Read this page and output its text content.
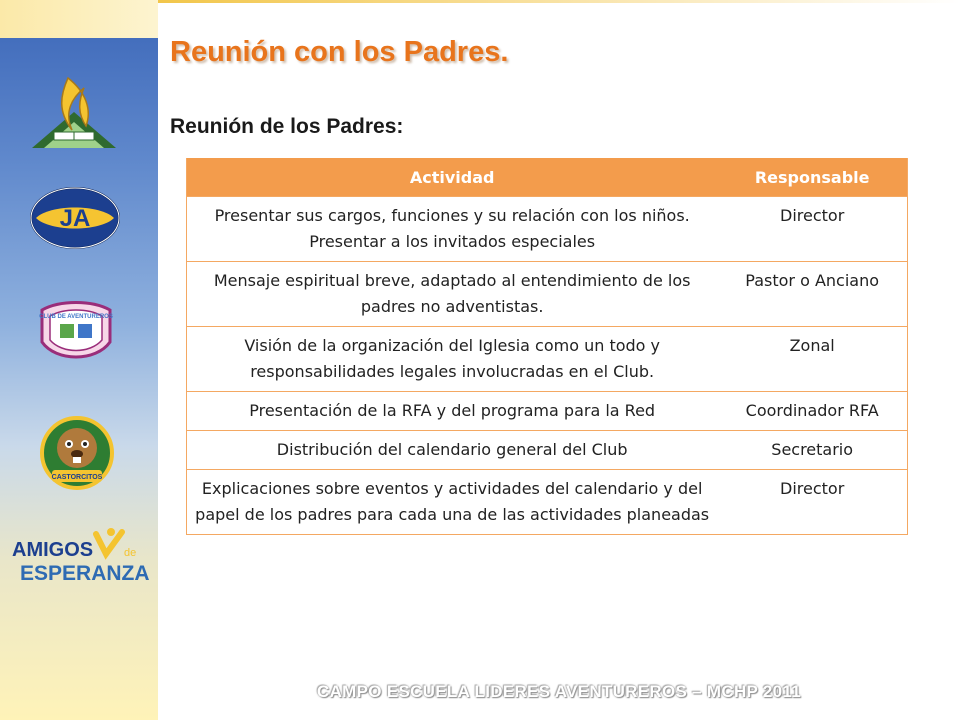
JA
CLUB DE AVENTUREROS
CASTORCITOS
AMIGOS	de
ESPERANZA
Reunión con los Padres.
Reunión de los Padres:
Actividad	Responsable
Presentar sus cargos, funciones y su relación con los niños. Presentar a los invitados especiales	Director
Mensaje espiritual breve, adaptado al entendimiento de los padres no adventistas.	Pastor o Anciano
Visión de la organización del Iglesia como un todo y responsabilidades legales involucradas en el Club.	Zonal
Presentación de la RFA y del programa para la Red	Coordinador RFA
Distribución del calendario general del Club	Secretario
Explicaciones sobre eventos y actividades del calendario y del papel de los padres para cada una de las actividades planeadas	Director
CAMPO ESCUELA LIDERES AVENTUREROS – MCHP 2011
